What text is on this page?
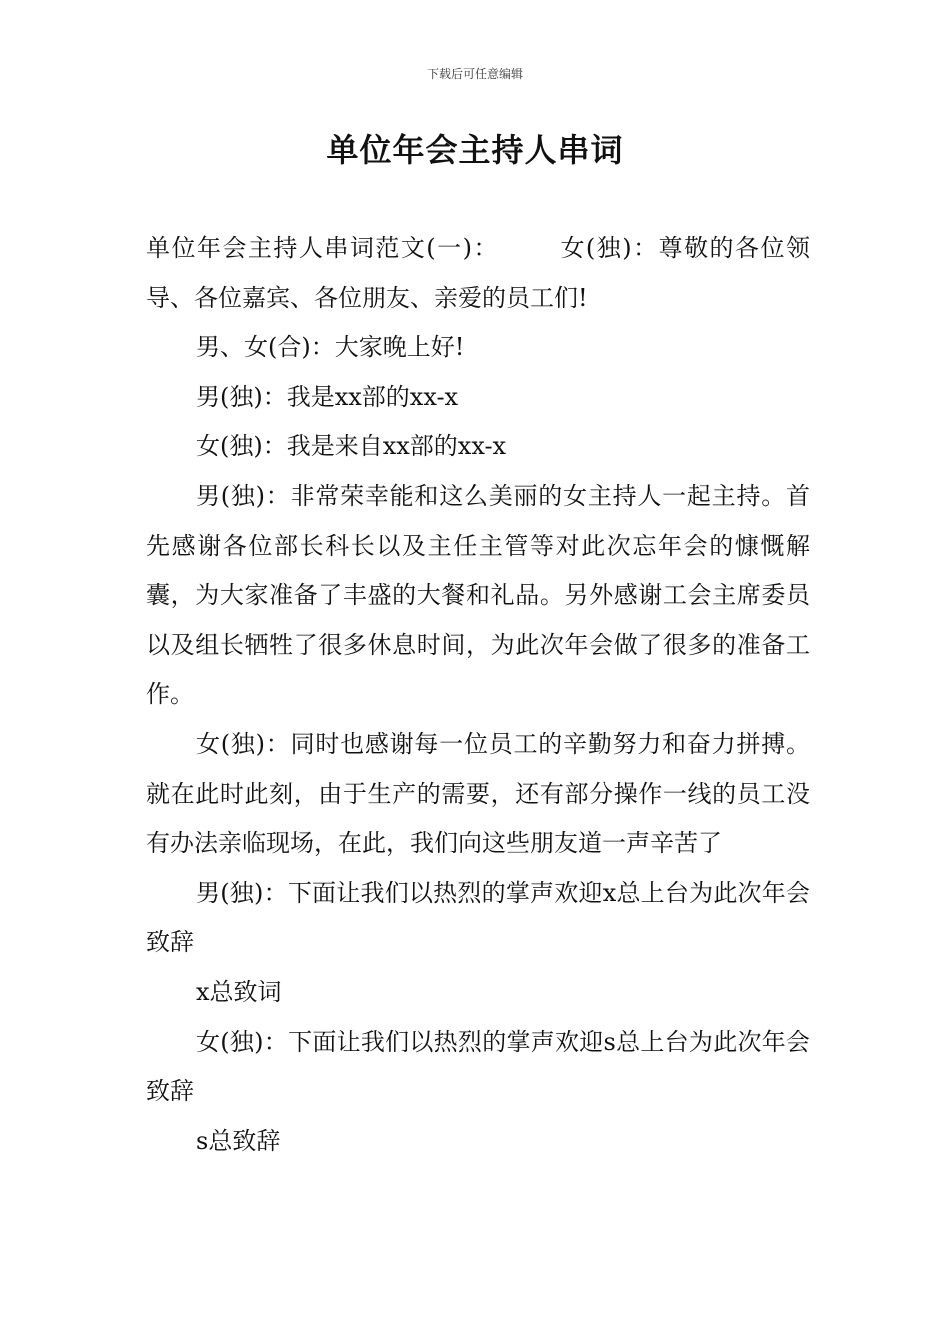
下载后可任意编辑
单位年会主持人串词

单位年会主持人串词范文(一)：	女(独)：尊敬的各位领导、各位嘉宾、各位朋友、亲爱的员工们!

男、女(合)：大家晚上好!

男(独)：我是xx部的xx-x

女(独)：我是来自xx部的xx-x

男(独)：非常荣幸能和这么美丽的女主持人一起主持。首先感谢各位部长科长以及主任主管等对此次忘年会的慷慨解囊，为大家准备了丰盛的大餐和礼品。另外感谢工会主席委员以及组长牺牲了很多休息时间，为此次年会做了很多的准备工作。

女(独)：同时也感谢每一位员工的辛勤努力和奋力拼搏。就在此时此刻，由于生产的需要，还有部分操作一线的员工没有办法亲临现场，在此，我们向这些朋友道一声辛苦了

男(独)：下面让我们以热烈的掌声欢迎x总上台为此次年会致辞

x总致词

女(独)：下面让我们以热烈的掌声欢迎s总上台为此次年会致辞

s总致辞
